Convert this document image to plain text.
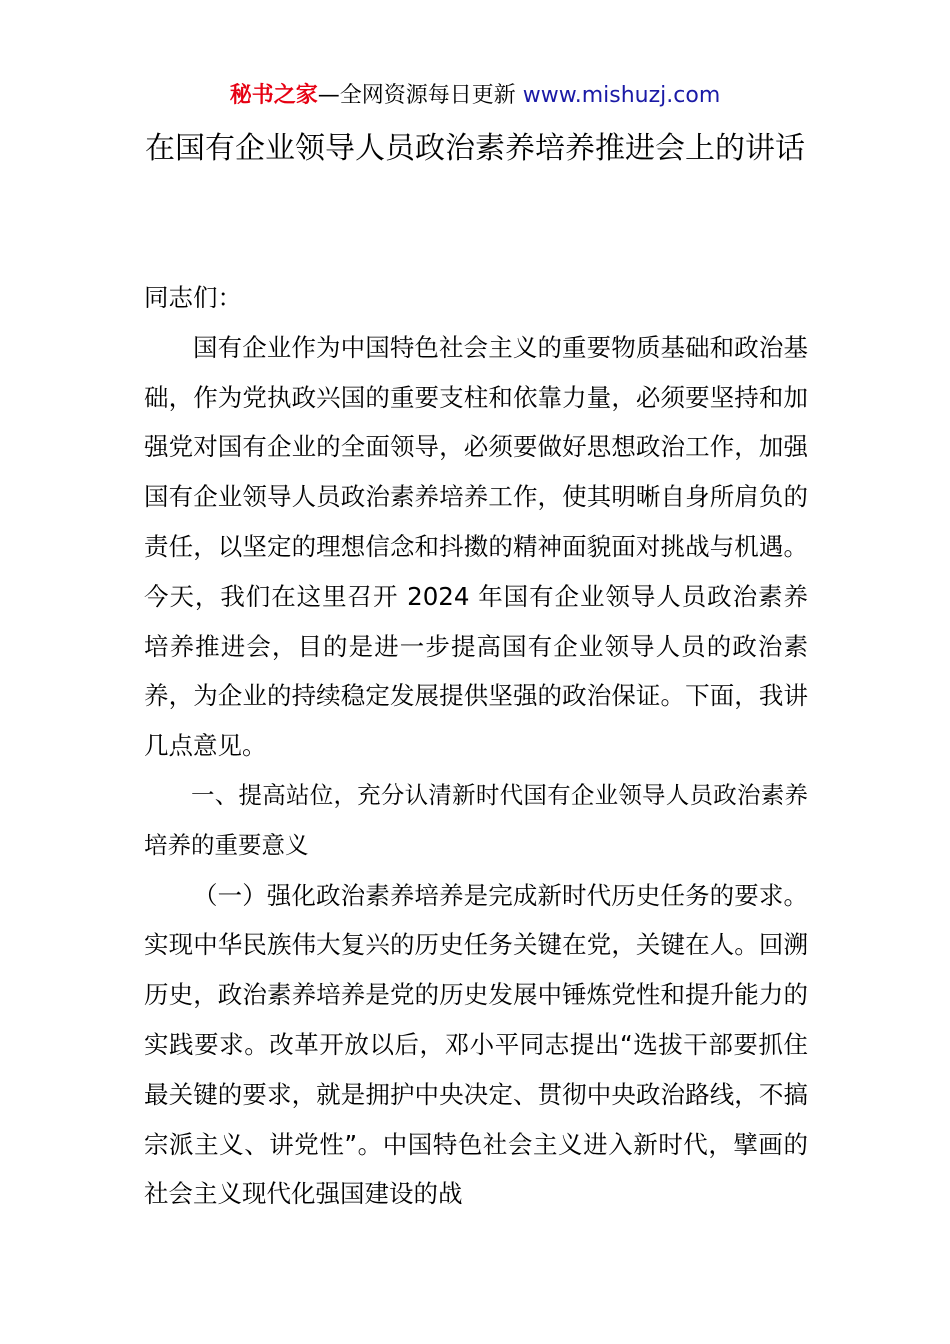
秘书之家—全网资源每日更新 www.mishuzj.com
在国有企业领导人员政治素养培养推进会上的讲话

同志们：

国有企业作为中国特色社会主义的重要物质基础和政治基础，作为党执政兴国的重要支柱和依靠力量，必须要坚持和加强党对国有企业的全面领导，必须要做好思想政治工作，加强国有企业领导人员政治素养培养工作，使其明晰自身所肩负的责任，以坚定的理想信念和抖擞的精神面貌面对挑战与机遇。今天，我们在这里召开 2024 年国有企业领导人员政治素养培养推进会，目的是进一步提高国有企业领导人员的政治素养，为企业的持续稳定发展提供坚强的政治保证。下面，我讲几点意见。

一、提高站位，充分认清新时代国有企业领导人员政治素养培养的重要意义

（一）强化政治素养培养是完成新时代历史任务的要求。实现中华民族伟大复兴的历史任务关键在党，关键在人。回溯历史，政治素养培养是党的历史发展中锤炼党性和提升能力的实践要求。改革开放以后，邓小平同志提出“选拔干部要抓住最关键的要求，就是拥护中央决定、贯彻中央政治路线，不搞宗派主义、讲党性”。中国特色社会主义进入新时代，擘画的社会主义现代化强国建设的战
